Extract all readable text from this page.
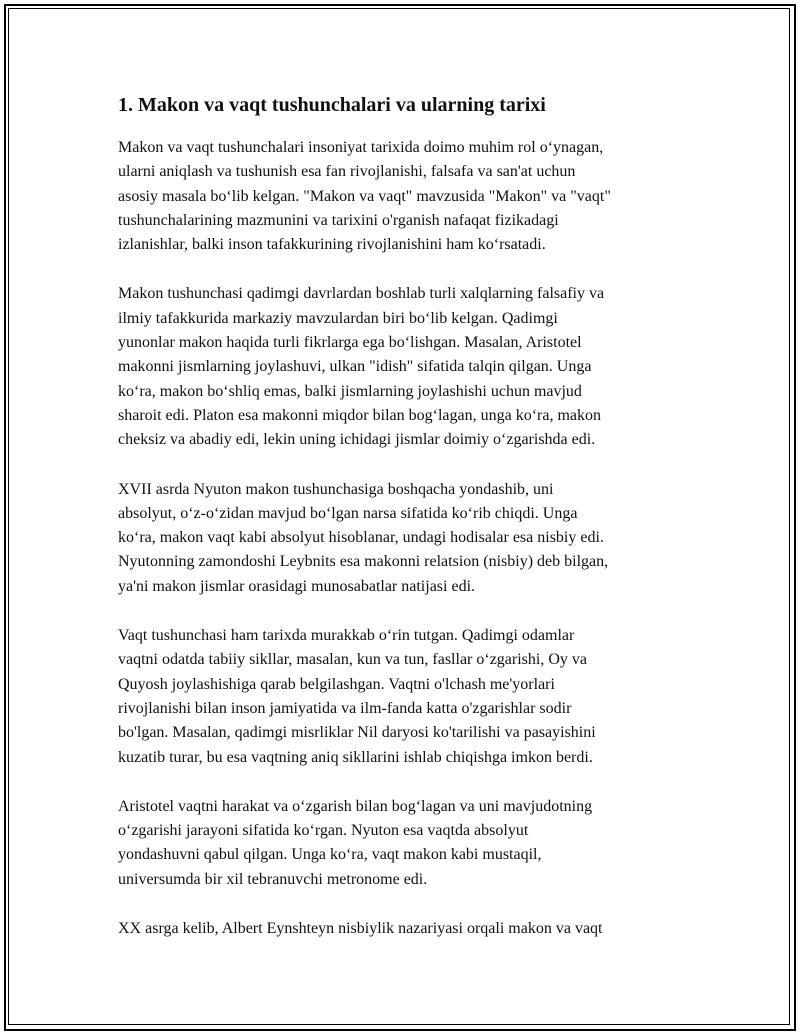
1. Makon va vaqt tushunchalari va ularning tarixi

Makon va vaqt tushunchalari insoniyat tarixida doimo muhim rol o‘ynagan,
ularni aniqlash va tushunish esa fan rivojlanishi, falsafa va san'at uchun
asosiy masala bo‘lib kelgan. "Makon va vaqt" mavzusida "Makon" va "vaqt"
tushunchalarining mazmunini va tarixini o'rganish nafaqat fizikadagi
izlanishlar, balki inson tafakkurining rivojlanishini ham ko‘rsatadi.

Makon tushunchasi qadimgi davrlardan boshlab turli xalqlarning falsafiy va
ilmiy tafakkurida markaziy mavzulardan biri bo‘lib kelgan. Qadimgi
yunonlar makon haqida turli fikrlarga ega bo‘lishgan. Masalan, Aristotel
makonni jismlarning joylashuvi, ulkan "idish" sifatida talqin qilgan. Unga
ko‘ra, makon bo‘shliq emas, balki jismlarning joylashishi uchun mavjud
sharoit edi. Platon esa makonni miqdor bilan bog‘lagan, unga ko‘ra, makon
cheksiz va abadiy edi, lekin uning ichidagi jismlar doimiy o‘zgarishda edi.

XVII asrda Nyuton makon tushunchasiga boshqacha yondashib, uni
absolyut, o‘z-o‘zidan mavjud bo‘lgan narsa sifatida ko‘rib chiqdi. Unga
ko‘ra, makon vaqt kabi absolyut hisoblanar, undagi hodisalar esa nisbiy edi.
Nyutonning zamondoshi Leybnits esa makonni relatsion (nisbiy) deb bilgan,
ya'ni makon jismlar orasidagi munosabatlar natijasi edi.

Vaqt tushunchasi ham tarixda murakkab o‘rin tutgan. Qadimgi odamlar
vaqtni odatda tabiiy sikllar, masalan, kun va tun, fasllar o‘zgarishi, Oy va
Quyosh joylashishiga qarab belgilashgan. Vaqtni o'lchash me'yorlari
rivojlanishi bilan inson jamiyatida va ilm-fanda katta o'zgarishlar sodir
bo'lgan. Masalan, qadimgi misrliklar Nil daryosi ko'tarilishi va pasayishini
kuzatib turar, bu esa vaqtning aniq sikllarini ishlab chiqishga imkon berdi.

Aristotel vaqtni harakat va o‘zgarish bilan bog‘lagan va uni mavjudotning
o‘zgarishi jarayoni sifatida ko‘rgan. Nyuton esa vaqtda absolyut
yondashuvni qabul qilgan. Unga ko‘ra, vaqt makon kabi mustaqil,
universumda bir xil tebranuvchi metronome edi.

XX asrga kelib, Albert Eynshteyn nisbiylik nazariyasi orqali makon va vaqt
